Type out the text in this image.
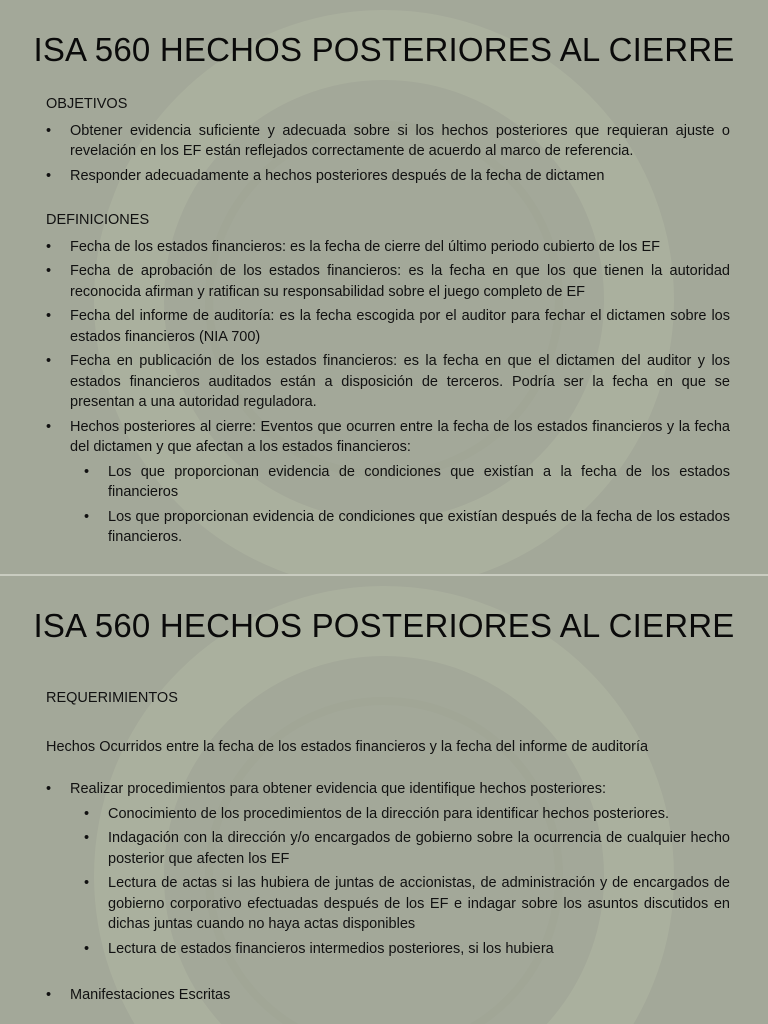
ISA 560 HECHOS POSTERIORES AL CIERRE

OBJETIVOS

• Obtener evidencia suficiente y adecuada sobre si los hechos posteriores que requieran ajuste o revelación en los EF están reflejados correctamente de acuerdo al marco de referencia.
• Responder adecuadamente a hechos posteriores después de la fecha de dictamen

DEFINICIONES

• Fecha de los estados financieros: es la fecha de cierre del último periodo cubierto de los EF
• Fecha de aprobación de los estados financieros: es la fecha en que los que tienen la autoridad reconocida afirman y ratifican su responsabilidad sobre el juego completo de EF
• Fecha del informe de auditoría: es la fecha escogida por el auditor para fechar el dictamen sobre los estados financieros (NIA 700)
• Fecha en publicación de los estados financieros: es la fecha en que el dictamen del auditor y los estados financieros auditados están a disposición de terceros. Podría ser la fecha en que se presentan a una autoridad reguladora.
• Hechos posteriores al cierre: Eventos que ocurren entre la fecha de los estados financieros y la fecha del dictamen y que afectan a los estados financieros:
• Los que proporcionan evidencia de condiciones que existían a la fecha de los estados financieros
• Los que proporcionan evidencia de condiciones que existían después de la fecha de los estados financieros.
ISA 560 HECHOS POSTERIORES AL CIERRE

REQUERIMIENTOS

Hechos Ocurridos entre la fecha de los estados financieros y la fecha del informe de auditoría

• Realizar procedimientos para obtener evidencia que identifique hechos posteriores:
• Conocimiento de los procedimientos de la dirección para identificar hechos posteriores.
• Indagación con la dirección y/o encargados de gobierno sobre la ocurrencia de cualquier hecho posterior que afecten los EF
• Lectura de actas si las hubiera de juntas de accionistas, de administración y de encargados de gobierno corporativo efectuadas después de los EF e indagar sobre los asuntos discutidos en dichas juntas cuando no haya actas disponibles
• Lectura de estados financieros intermedios posteriores, si los hubiera
• Manifestaciones Escritas
